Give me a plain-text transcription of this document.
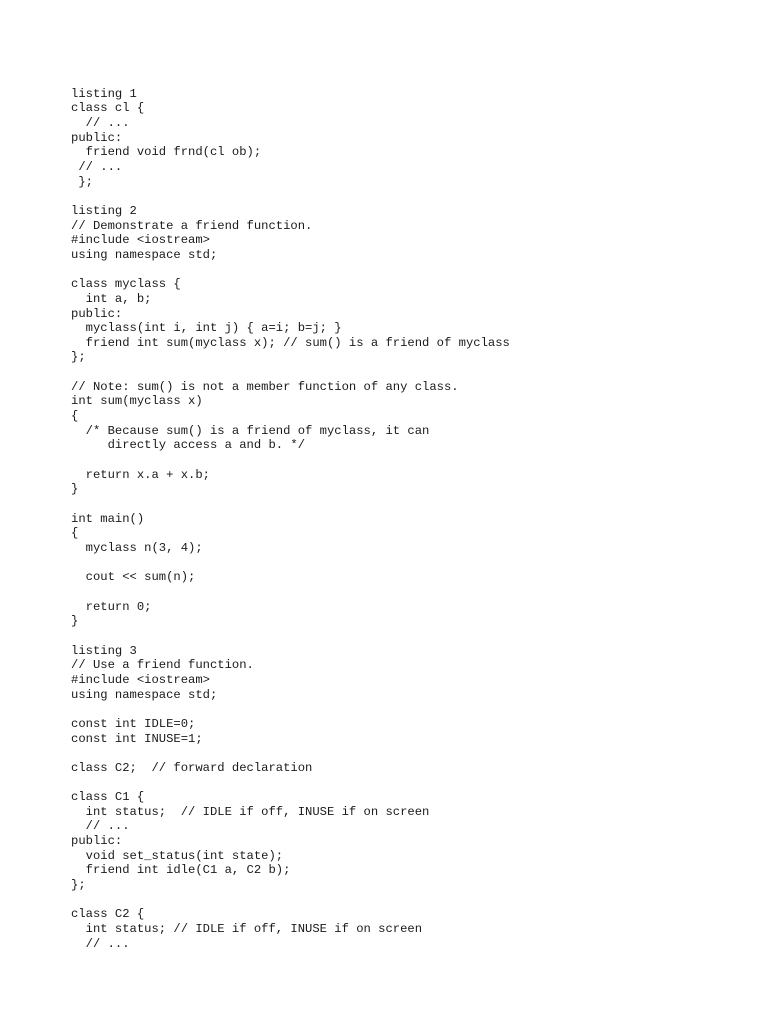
listing 1
class cl {
// ...
public:
friend void frnd(cl ob);
// ...
};
listing 2
// Demonstrate a friend function.
#include <iostream>
using namespace std;
class myclass {
int a, b;
public:
myclass(int i, int j) { a=i; b=j; }
friend int sum(myclass x); // sum() is a friend of myclass
};
// Note: sum() is not a member function of any class.
int sum(myclass x)
{
/* Because sum() is a friend of myclass, it can
directly access a and b. */
return x.a + x.b;
}
int main()
{
myclass n(3, 4);
cout << sum(n);
return 0;
}
listing 3
// Use a friend function.
#include <iostream>
using namespace std;
const int IDLE=0;
const int INUSE=1;
class C2;  // forward declaration
class C1 {
int status;  // IDLE if off, INUSE if on screen
// ...
public:
void set_status(int state);
friend int idle(C1 a, C2 b);
};
class C2 {
int status; // IDLE if off, INUSE if on screen
// ...
